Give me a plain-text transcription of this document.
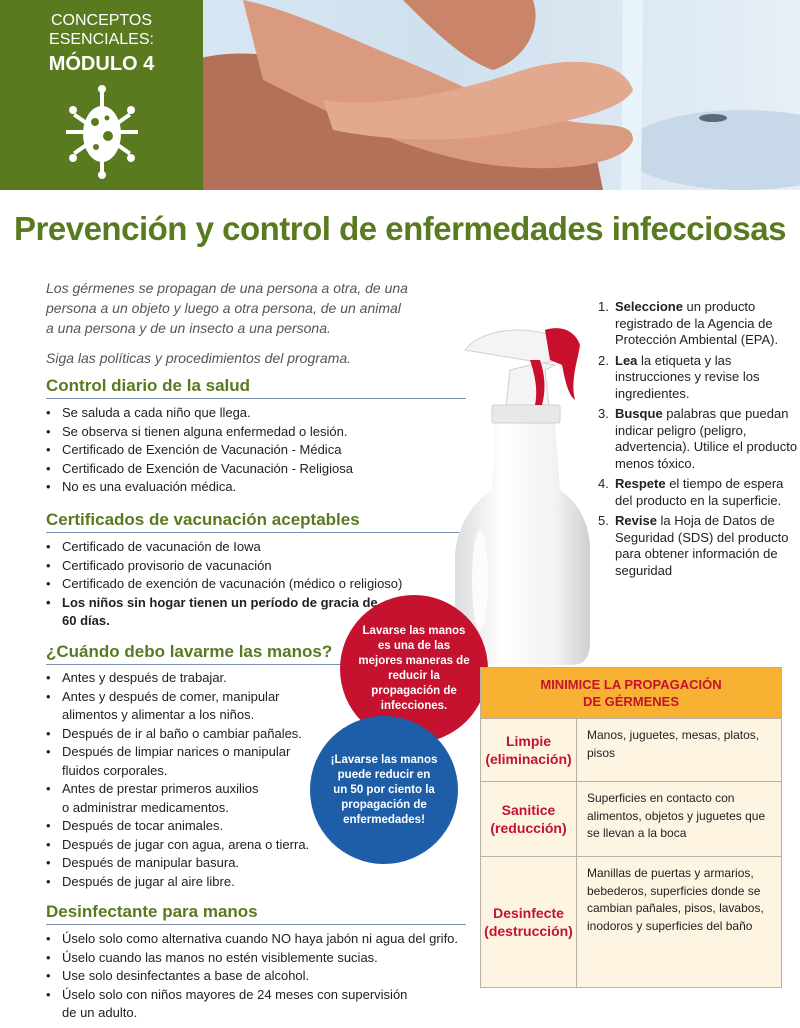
CONCEPTOS
ESENCIALES:
MÓDULO 4
Prevención y control de enfermedades infecciosas
Los gérmenes se propagan de una persona a otra, de una
persona a un objeto y luego a otra persona, de un animal
a una persona y de un insecto a una persona.
Siga las políticas y procedimientos del programa.
Control diario de la salud
• Se saluda a cada niño que llega.
• Se observa si tienen alguna enfermedad o lesión.
• Certificado de Exención de Vacunación - Médica
• Certificado de Exención de Vacunación - Religiosa
• No es una evaluación médica.
Certificados de vacunación aceptables
• Certificado de vacunación de Iowa
• Certificado provisorio de vacunación
• Certificado de exención de vacunación (médico o religioso)
• Los niños sin hogar tienen un período de gracia de
60 días.
¿Cuándo debo lavarme las manos?
• Antes y después de trabajar.
• Antes y después de comer, manipular
alimentos y alimentar a los niños.
• Después de ir al baño o cambiar pañales.
• Después de limpiar narices o manipular
fluidos corporales.
• Antes de prestar primeros auxilios
o administrar medicamentos.
• Después de tocar animales.
• Después de jugar con agua, arena o tierra.
• Después de manipular basura.
• Después de jugar al aire libre.
Desinfectante para manos
• Úselo solo como alternativa cuando NO haya jabón ni agua del grifo.
• Úselo cuando las manos no estén visiblemente sucias.
• Use solo desinfectantes a base de alcohol.
• Úselo solo con niños mayores de 24 meses con supervisión
de un adulto.
1. Seleccione un producto registrado de la Agencia de Protección Ambiental (EPA).
2. Lea la etiqueta y las instrucciones y revise los ingredientes.
3. Busque palabras que puedan indicar peligro (peligro, advertencia). Utilice el producto menos tóxico.
4. Respete el tiempo de espera del producto en la superficie.
5. Revise la Hoja de Datos de Seguridad (SDS) del producto para obtener información de seguridad
Lavarse las manos es una de las mejores maneras de reducir la propagación de infecciones.
¡Lavarse las manos puede reducir en un 50 por ciento la propagación de enfermedades!
MINIMICE LA PROPAGACIÓN
DE GÉRMENES
Limpie
(eliminación)
Manos, juguetes, mesas, platos, pisos
Sanitice
(reducción)
Superficies en contacto con alimentos, objetos y juguetes que se llevan a la boca
Desinfecte
(destrucción)
Manillas de puertas y armarios, bebederos, superficies donde se cambian pañales, pisos, lavabos, inodoros y superficies del baño
